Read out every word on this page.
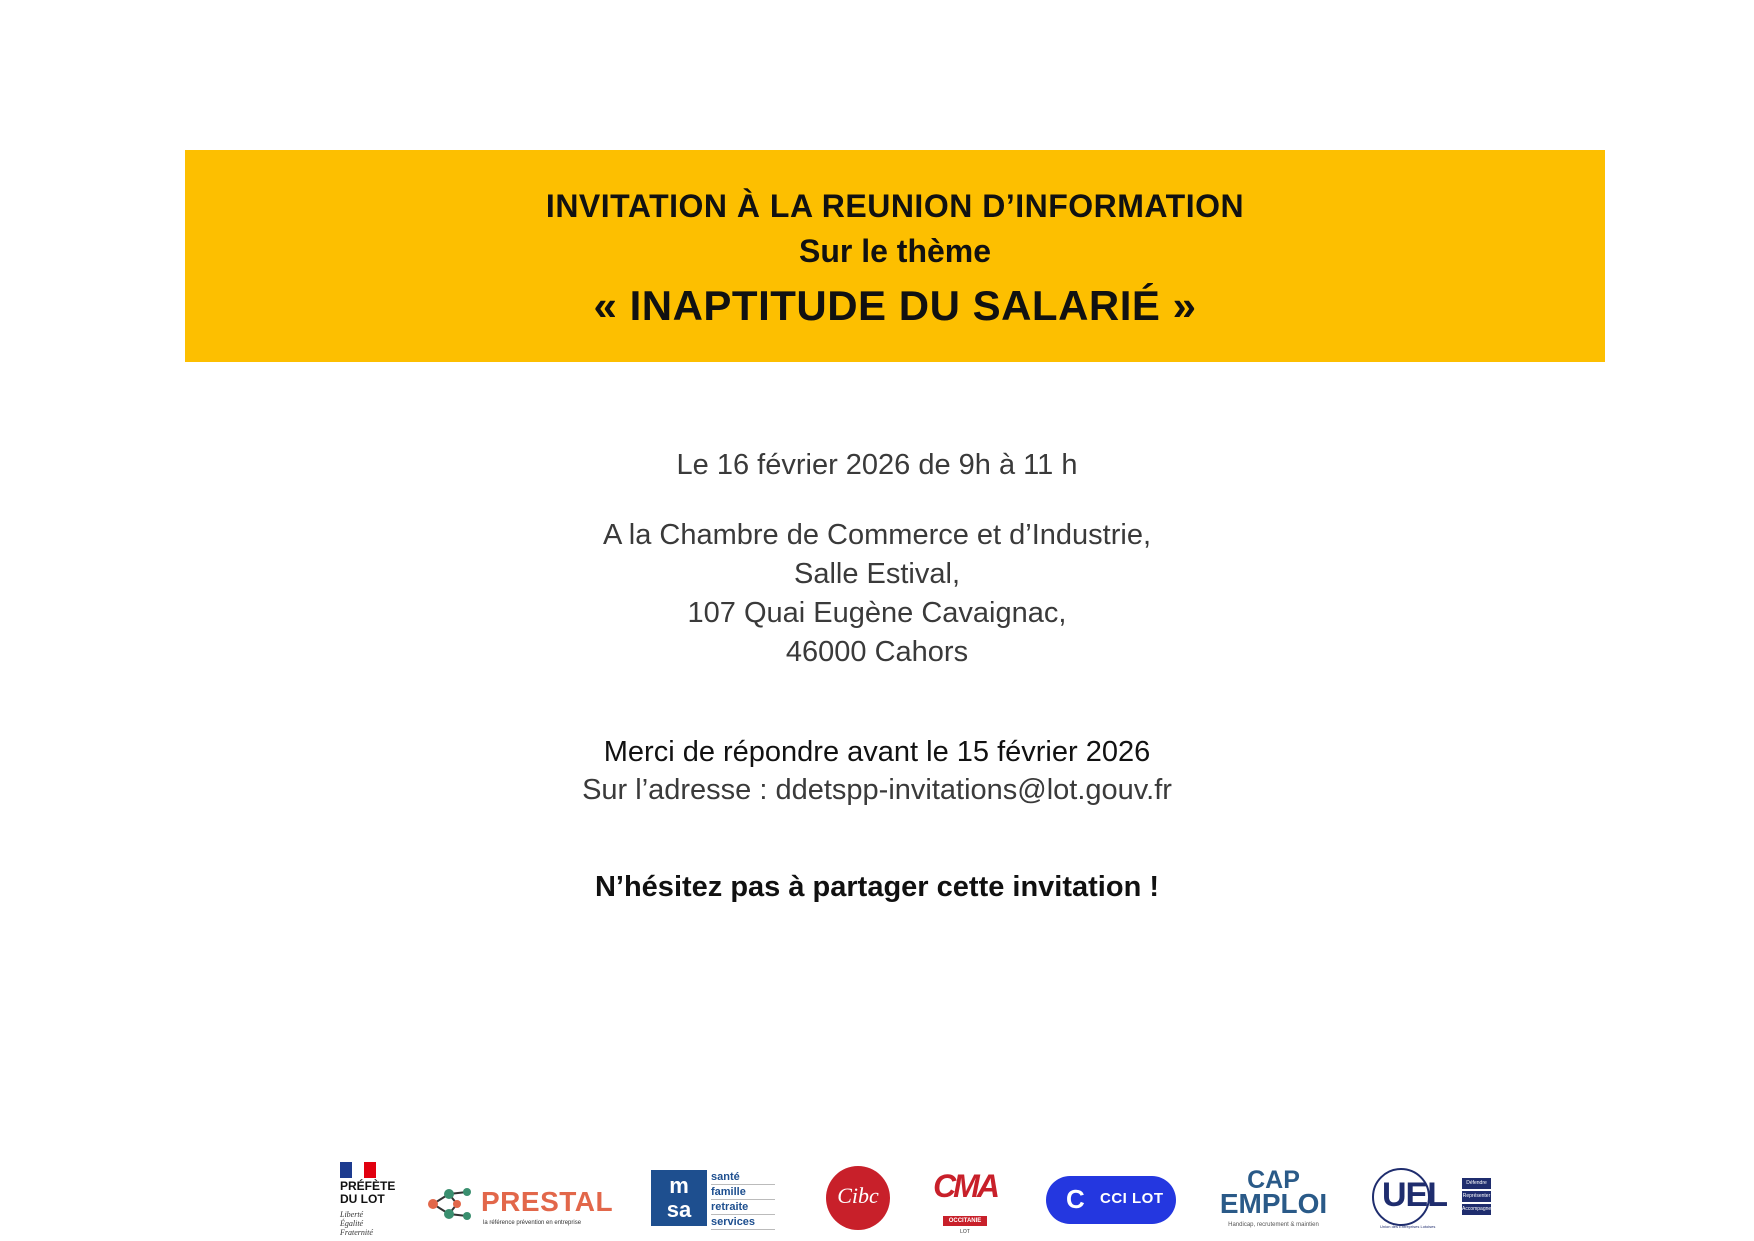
INVITATION À LA REUNION D’INFORMATION
Sur le thème
« INAPTITUDE DU SALARIÉ »
Le 16 février 2026 de 9h à 11 h
A la Chambre de Commerce et d’Industrie,
Salle Estival,
107 Quai Eugène Cavaignac,
46000 Cahors
Merci de répondre avant le 15 février 2026
Sur l’adresse : ddetspp-invitations@lot.gouv.fr
N’hésitez pas à partager cette invitation !
PRÉFÈTE
DU LOT
Liberté
Égalité
Fraternité
PRESTAL
la référence prévention en entreprise
m
sa
santé
famille
retraite
services
Cibc	CMA
OCCITANIE
LOT
C	CCI LOT
CAP
EMPLOI
Handicap, recrutement & maintien
UEL	Défendre
Représenter
Accompagner
Union des Entreprises Lotoises
